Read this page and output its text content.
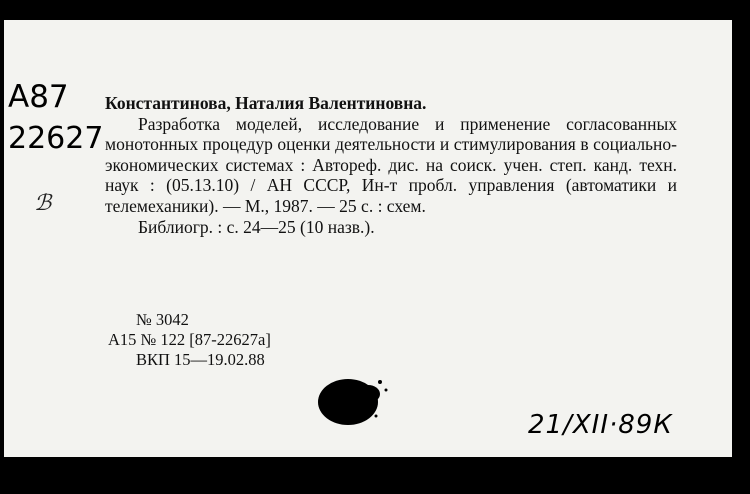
А87
22627
ℬ

Константинова, Наталия Валентиновна.

Разработка моделей, исследование и применение согласованных монотонных процедур оценки деятельности и стимулирования в социально-экономических системах : Автореф. дис. на соиск. учен. степ. канд. техн. наук : (05.13.10) / АН СССР, Ин-т пробл. управления (автоматики и телемеханики). — М., 1987. — 25 с. : схем.

Библиогр. : с. 24—25 (10 назв.).

№ 3042
А15 № 122 [87-22627а]
ВКП 15—19.02.88
21/XII·89К
